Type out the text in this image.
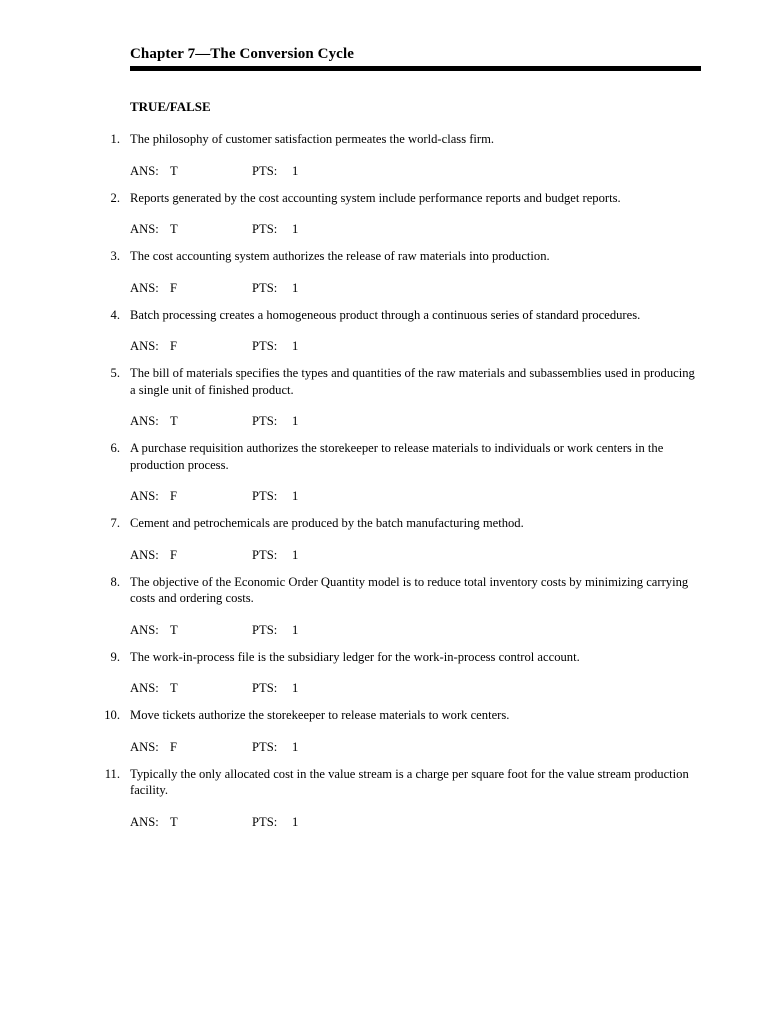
Chapter 7—The Conversion Cycle
TRUE/FALSE
1. The philosophy of customer satisfaction permeates the world-class firm.
ANS: T	PTS: 1
2. Reports generated by the cost accounting system include performance reports and budget reports.
ANS: T	PTS: 1
3. The cost accounting system authorizes the release of raw materials into production.
ANS: F	PTS: 1
4. Batch processing creates a homogeneous product through a continuous series of standard procedures.
ANS: F	PTS: 1
5. The bill of materials specifies the types and quantities of the raw materials and subassemblies used in producing a single unit of finished product.
ANS: T	PTS: 1
6. A purchase requisition authorizes the storekeeper to release materials to individuals or work centers in the production process.
ANS: F	PTS: 1
7. Cement and petrochemicals are produced by the batch manufacturing method.
ANS: F	PTS: 1
8. The objective of the Economic Order Quantity model is to reduce total inventory costs by minimizing carrying costs and ordering costs.
ANS: T	PTS: 1
9. The work-in-process file is the subsidiary ledger for the work-in-process control account.
ANS: T	PTS: 1
10. Move tickets authorize the storekeeper to release materials to work centers.
ANS: F	PTS: 1
11. Typically the only allocated cost in the value stream is a charge per square foot for the value stream production facility.
ANS: T	PTS: 1
